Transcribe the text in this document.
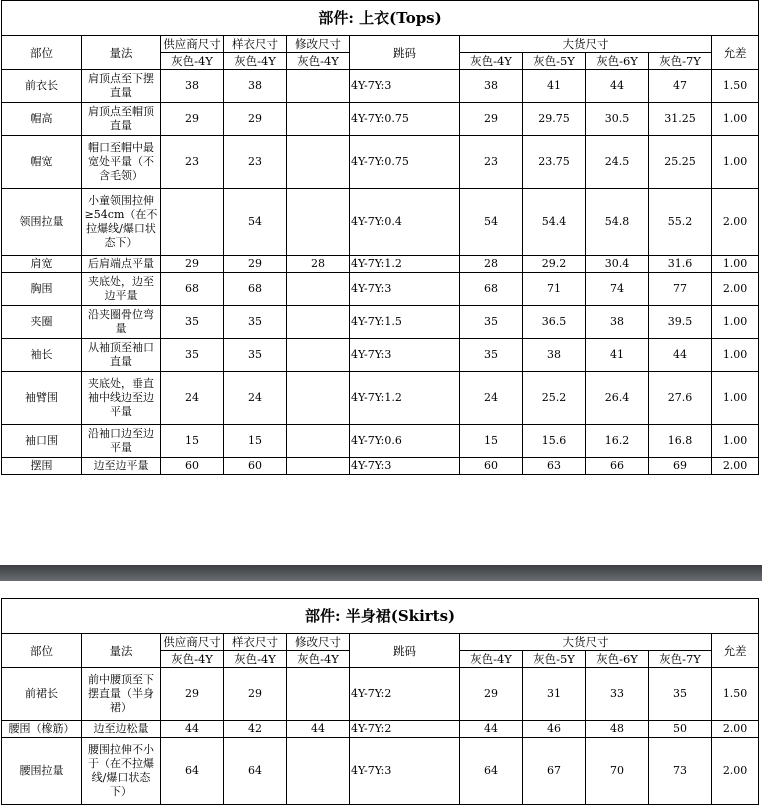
部件: 上衣(Tops)										
部位	量法	供应商尺寸	样衣尺寸	修改尺寸	跳码	大货尺寸				允差
		灰色-4Y	灰色-4Y	灰色-4Y		灰色-4Y	灰色-5Y	灰色-6Y	灰色-7Y	
前衣长	肩顶点至下摆直量	38	38		4Y-7Y:3	38	41	44	47	1.50
帽高	肩顶点至帽顶直量	29	29		4Y-7Y:0.75	29	29.75	30.5	31.25	1.00
帽宽	帽口至帽中最宽处平量（不含毛领）	23	23		4Y-7Y:0.75	23	23.75	24.5	25.25	1.00
领围拉量	小童领围拉伸≥54cm（在不拉爆线/爆口状态下）		54		4Y-7Y:0.4	54	54.4	54.8	55.2	2.00
肩宽	后肩端点平量	29	29	28	4Y-7Y:1.2	28	29.2	30.4	31.6	1.00
胸围	夹底处，边至边平量	68	68		4Y-7Y:3	68	71	74	77	2.00
夹圈	沿夹圈骨位弯量	35	35		4Y-7Y:1.5	35	36.5	38	39.5	1.00
袖长	从袖顶至袖口直量	35	35		4Y-7Y:3	35	38	41	44	1.00
袖臂围	夹底处，垂直袖中线边至边平量	24	24		4Y-7Y:1.2	24	25.2	26.4	27.6	1.00
袖口围	沿袖口边至边平量	15	15		4Y-7Y:0.6	15	15.6	16.2	16.8	1.00
摆围	边至边平量	60	60		4Y-7Y:3	60	63	66	69	2.00
部件: 半身裙(Skirts)										
部位	量法	供应商尺寸	样衣尺寸	修改尺寸	跳码	大货尺寸				允差
		灰色-4Y	灰色-4Y	灰色-4Y		灰色-4Y	灰色-5Y	灰色-6Y	灰色-7Y	
前裙长	前中腰顶至下摆直量（半身裙）	29	29		4Y-7Y:2	29	31	33	35	1.50
腰围（橡筋）	边至边松量	44	42	44	4Y-7Y:2	44	46	48	50	2.00
腰围拉量	腰围拉伸不小于（在不拉爆线/爆口状态下）	64	64		4Y-7Y:3	64	67	70	73	2.00
